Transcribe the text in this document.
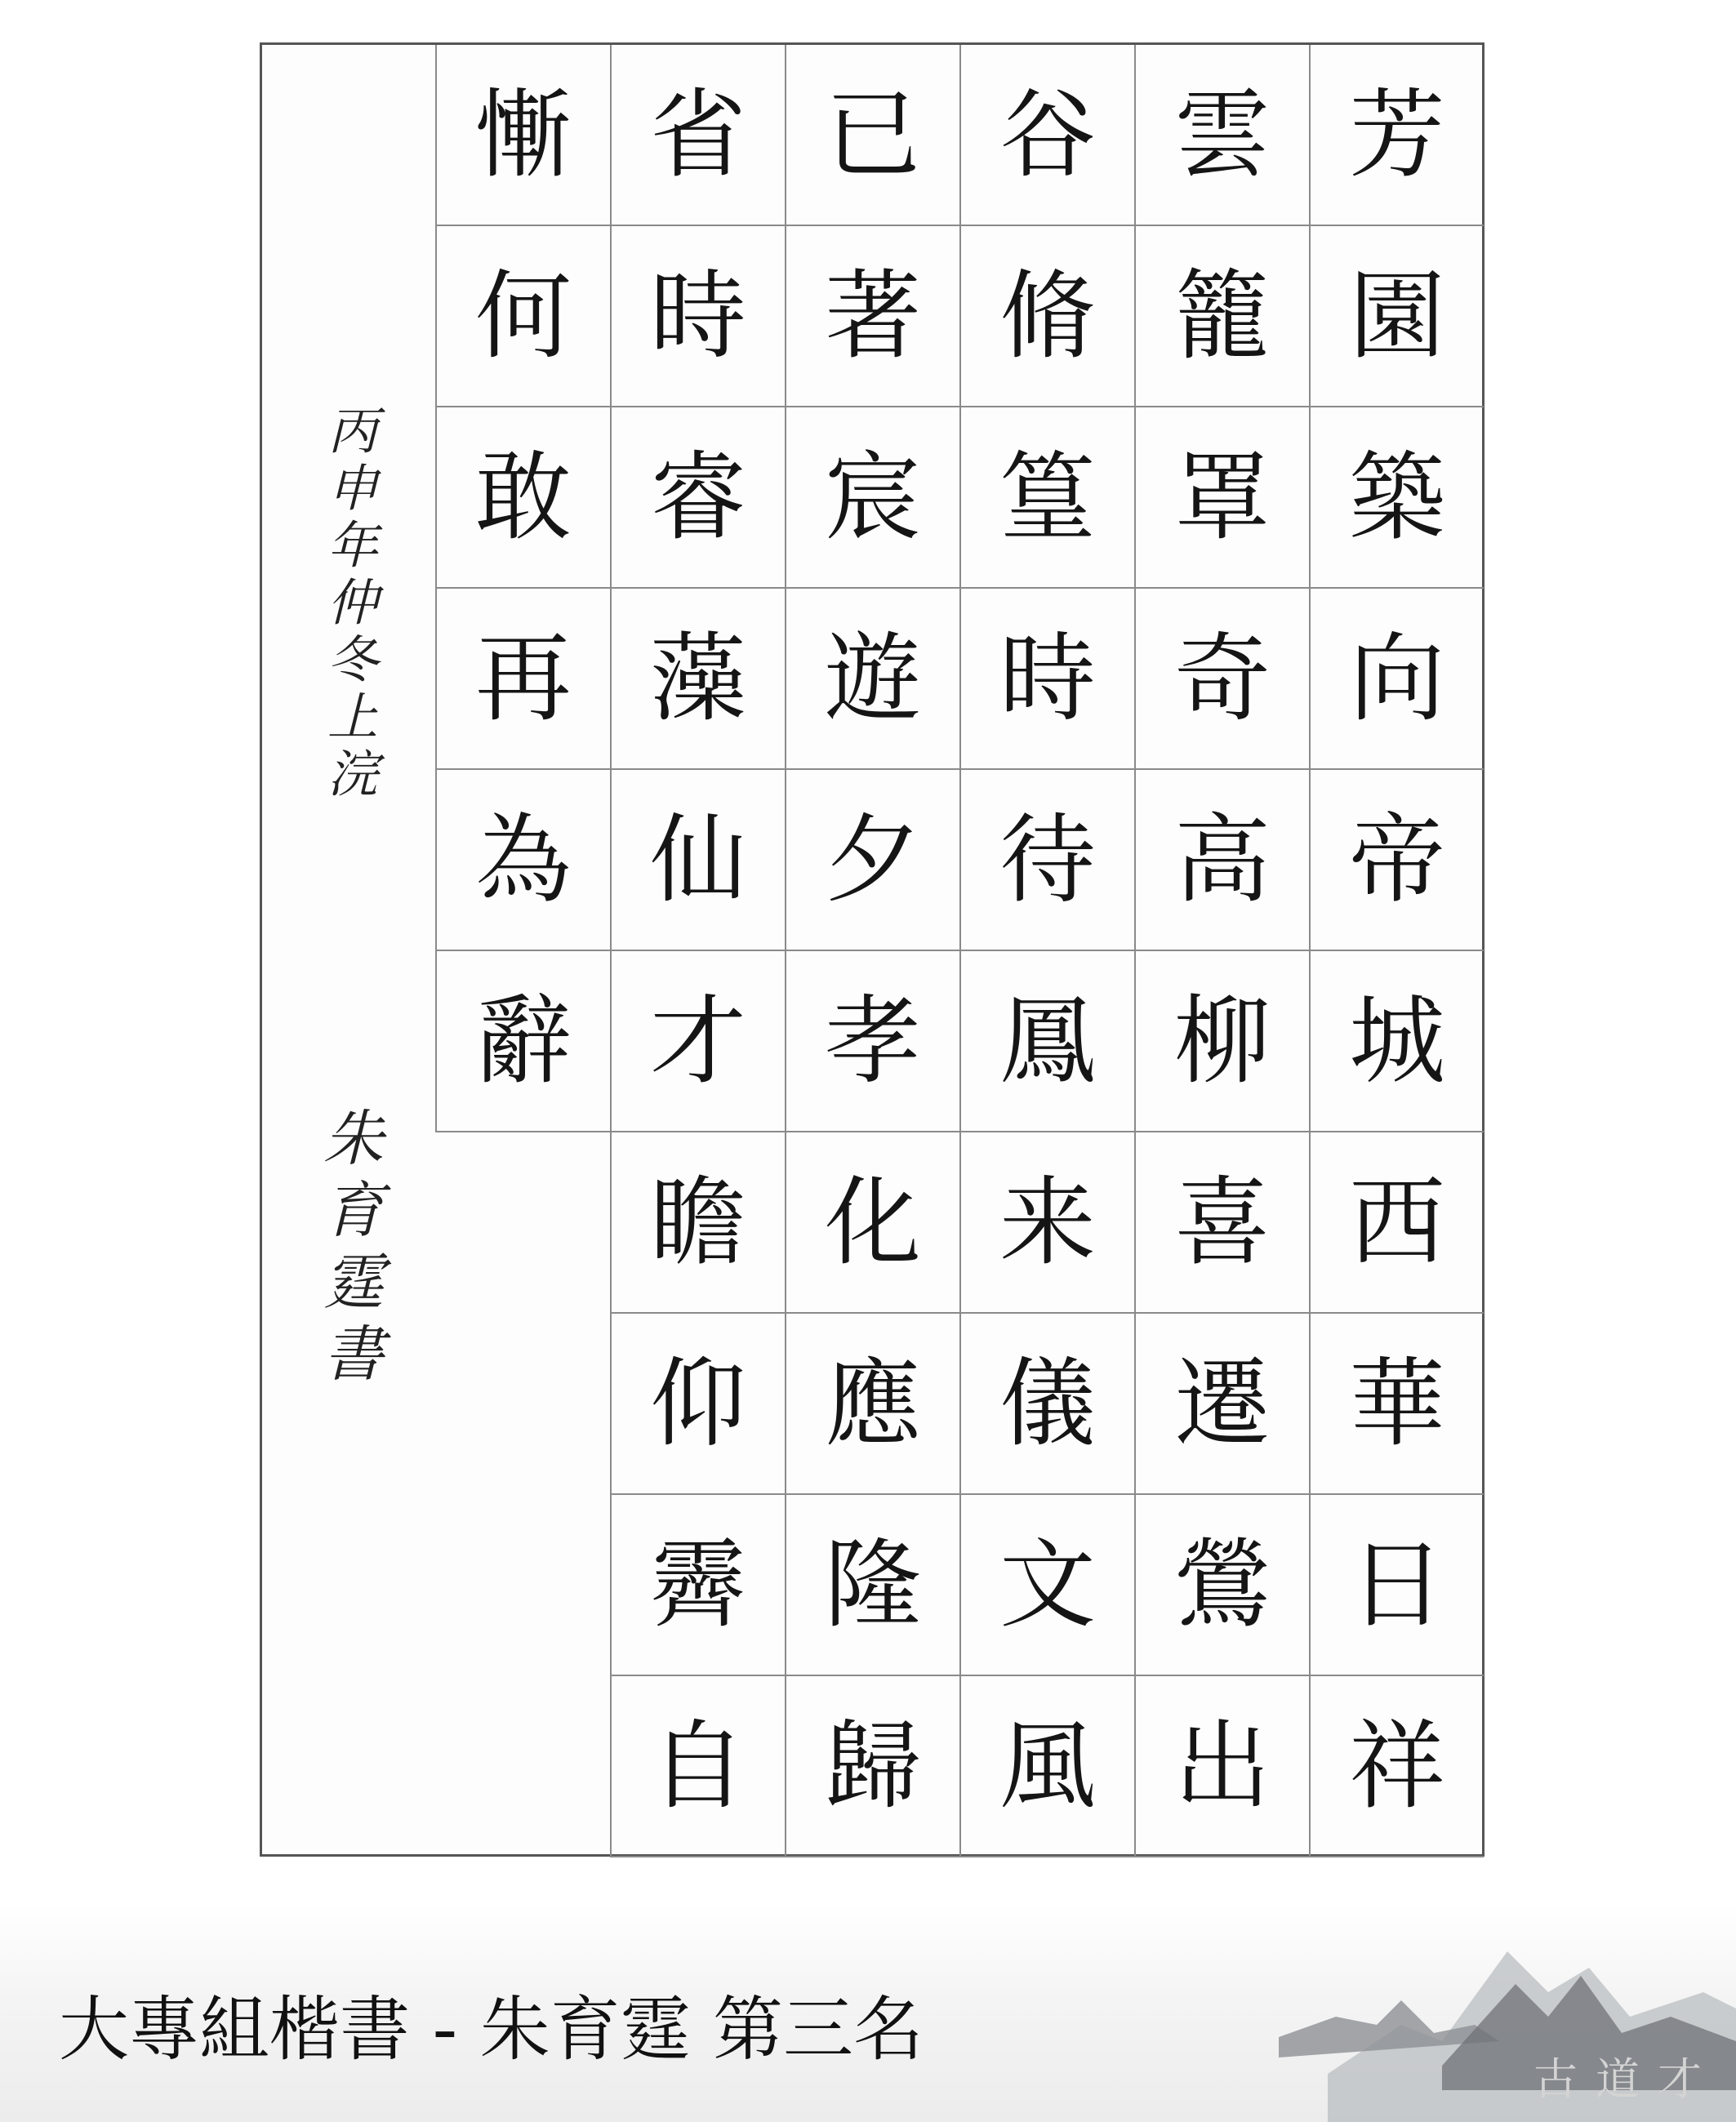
丙申年仲冬上浣
朱育霆書
芳
園
築
向
帝
城
西
華
日
祥
雲
籠
罩
奇
高
柳
喜
遷
鶯
出
谷
脩
篁
時
待
鳳
来
儀
文
風
已
著
宸
遊
夕
孝
化
應
隆
歸
省
時
睿
藻
仙
才
瞻
仰
霽
自
慚
何
敢
再
為
辭
大專組楷書 - 朱育霆 第三名
古道才
